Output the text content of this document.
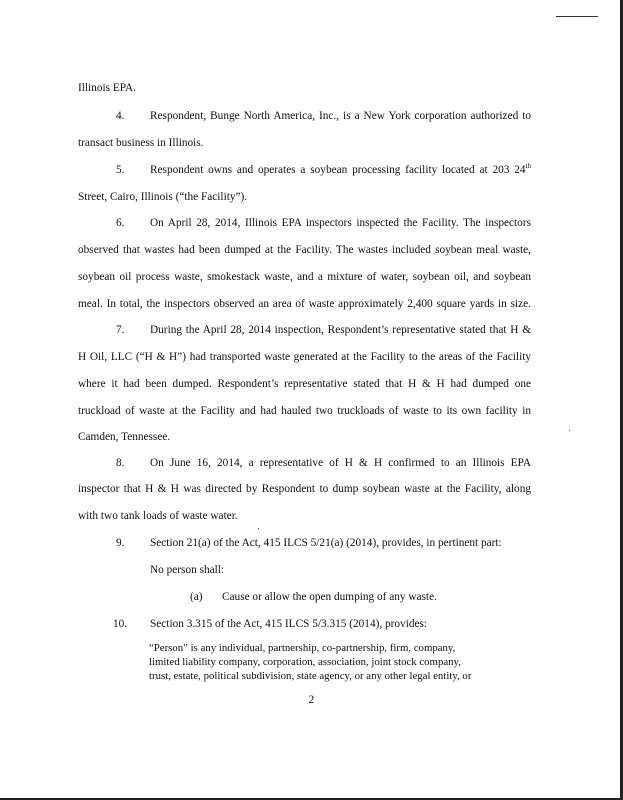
Illinois EPA.
4. Respondent, Bunge North America, Inc., is a New York corporation authorized to
transact business in Illinois.
5. Respondent owns and operates a soybean processing facility located at 203 24th
Street, Cairo, Illinois (“the Facility”).
6. On April 28, 2014, Illinois EPA inspectors inspected the Facility. The inspectors
observed that wastes had been dumped at the Facility. The wastes included soybean meal waste,
soybean oil process waste, smokestack waste, and a mixture of water, soybean oil, and soybean
meal. In total, the inspectors observed an area of waste approximately 2,400 square yards in size.
7. During the April 28, 2014 inspection, Respondent’s representative stated that H &
H Oil, LLC (“H & H”) had transported waste generated at the Facility to the areas of the Facility
where it had been dumped. Respondent’s representative stated that H & H had dumped one
truckload of waste at the Facility and had hauled two truckloads of waste to its own facility in
Camden, Tennessee.
8. On June 16, 2014, a representative of H & H confirmed to an Illinois EPA
inspector that H & H was directed by Respondent to dump soybean waste at the Facility, along
with two tank loads of waste water.
9. Section 21(a) of the Act, 415 ILCS 5/21(a) (2014), provides, in pertinent part:
No person shall:
(a) Cause or allow the open dumping of any waste.
10. Section 3.315 of the Act, 415 ILCS 5/3.315 (2014), provides:
“Person” is any individual, partnership, co-partnership, firm, company,
limited liability company, corporation, association, joint stock company,
trust, estate, political subdivision, state agency, or any other legal entity, or
2
